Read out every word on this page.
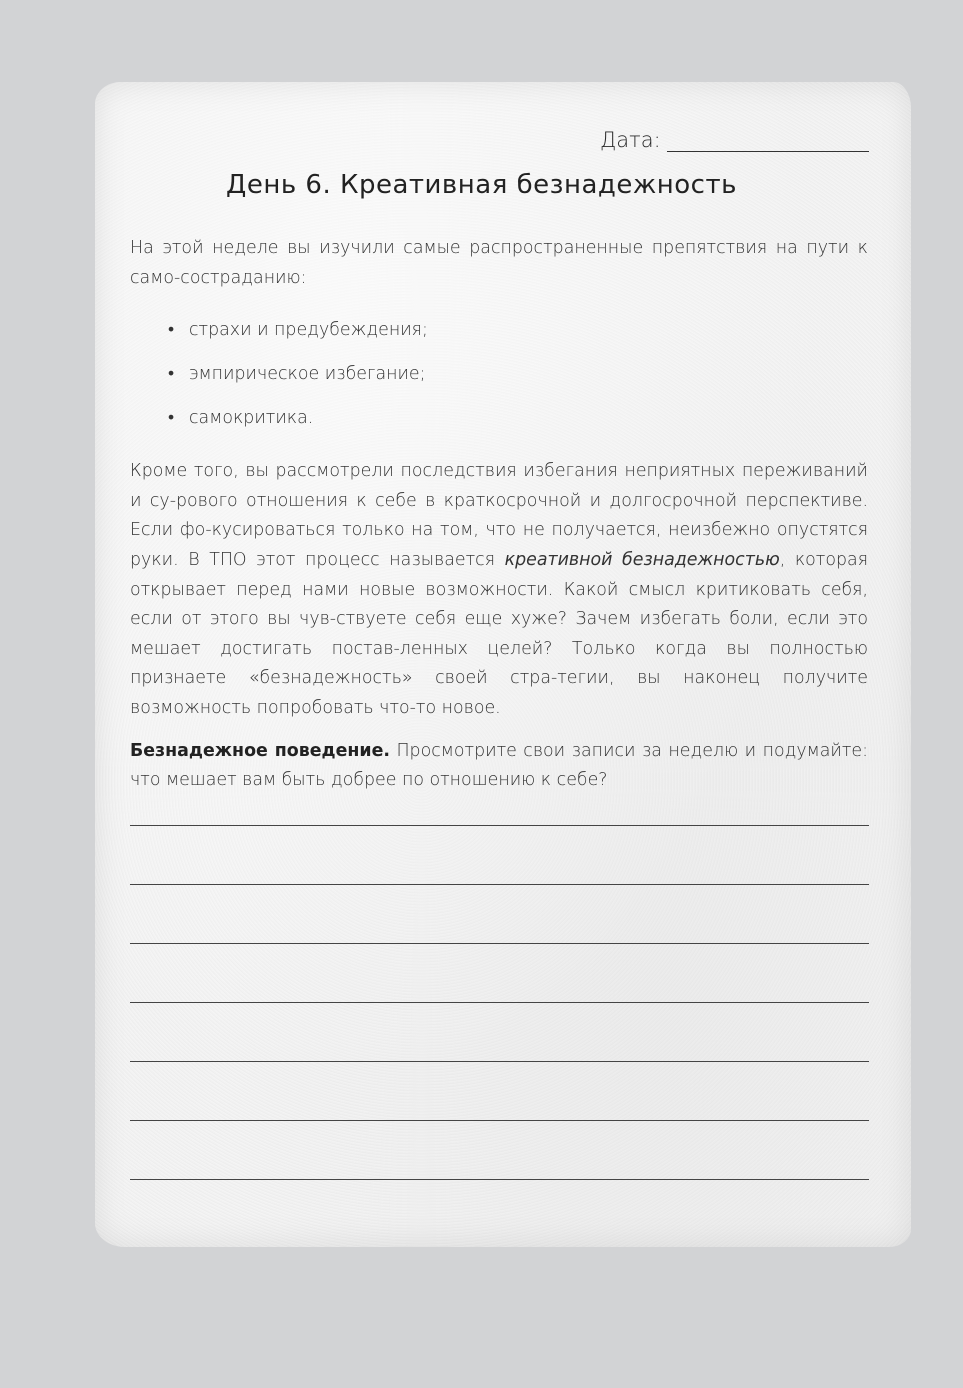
Дата:
День 6. Креативная безнадежность

На этой неделе вы изучили самые распространенные препятствия на пути к само-состраданию:

• страхи и предубеждения;
• эмпирическое избегание;
• самокритика.

Кроме того, вы рассмотрели последствия избегания неприятных переживаний и су-рового отношения к себе в краткосрочной и долгосрочной перспективе. Если фо-кусироваться только на том, что не получается, неизбежно опустятся руки. В ТПО этот процесс называется креативной безнадежностью, которая открывает перед нами новые возможности. Какой смысл критиковать себя, если от этого вы чув-ствуете себя еще хуже? Зачем избегать боли, если это мешает достигать постав-ленных целей? Только когда вы полностью признаете «безнадежность» своей стра-тегии, вы наконец получите возможность попробовать что-то новое.

Безнадежное поведение. Просмотрите свои записи за неделю и подумайте: что мешает вам быть добрее по отношению к себе?
